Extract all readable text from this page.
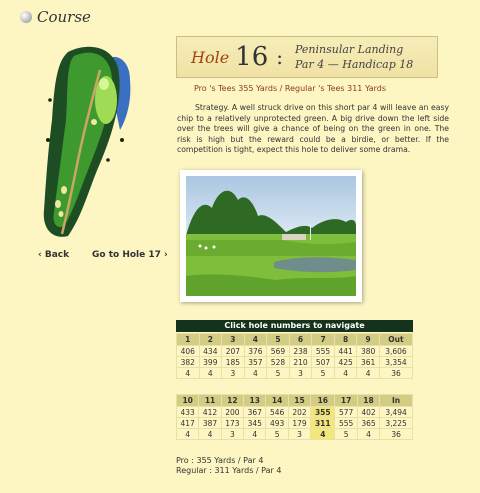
Course
‹ Back	Go to Hole 17 ›
Hole 16 : Peninsular Landing
Par 4 — Handicap 18
Pro 's Tees 355 Yards / Regular 's Tees 311 Yards

Strategy. A well struck drive on this short par 4 will leave an easy chip to a relatively unprotected green. A big drive down the left side over the trees will give a chance of being on the green in one. The risk is high but the reward could be a birdie, or better. If the competition is tight, expect this hole to deliver some drama.

Click hole numbers to navigate
1	2	3	4	5	6	7	8	9	Out
406	434	207	376	569	238	555	441	380	3,606
382	399	185	357	528	210	507	425	361	3,354
4	4	3	4	5	3	5	4	4	36
10	11	12	13	14	15	16	17	18	In
433	412	200	367	546	202	355	577	402	3,494
417	387	173	345	493	179	311	555	365	3,225
4	4	3	4	5	3	4	5	4	36
Pro : 355 Yards / Par 4
Regular : 311 Yards / Par 4
